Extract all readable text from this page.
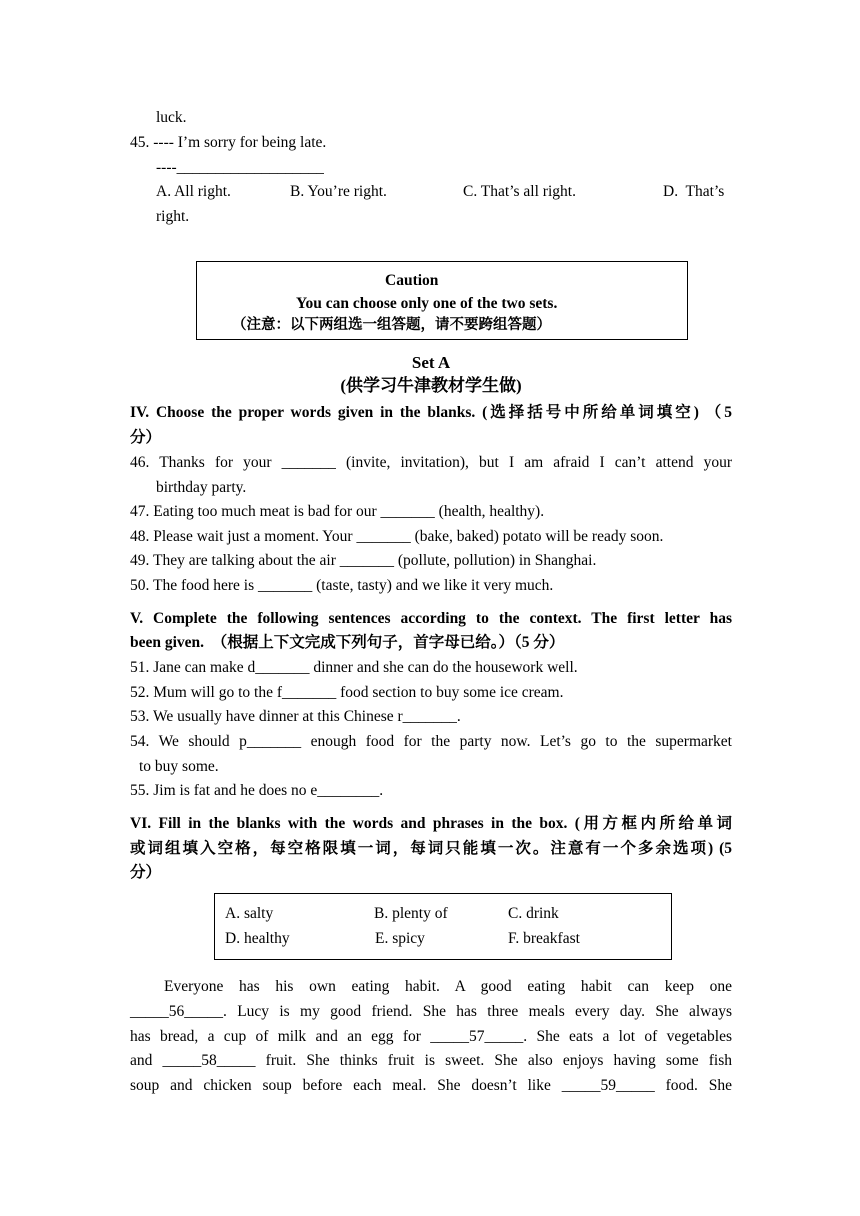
luck.
45. ---- I’m sorry for being late.
----___________________
A. All right.	B. You’re right.	C. That’s all right.	D.  That’s
right.
Caution
You can choose only one of the two sets.
（注意：以下两组选一组答题，请不要跨组答题）
Set A
(供学习牛津教材学生做)
IV. Choose the proper words given in the blanks. (选择括号中所给单词填空) （5
分）
46. Thanks for your _______ (invite, invitation), but I am afraid I can’t attend your
birthday party.
47. Eating too much meat is bad for our _______ (health, healthy).
48. Please wait just a moment. Your _______ (bake, baked) potato will be ready soon.
49. They are talking about the air _______ (pollute, pollution) in Shanghai.
50. The food here is _______ (taste, tasty) and we like it very much.
V. Complete the following sentences according to the context. The first letter has
been given.  （根据上下文完成下列句子，首字母已给。）（5 分）
51. Jane can make d_______ dinner and she can do the housework well.
52. Mum will go to the f_______ food section to buy some ice cream.
53. We usually have dinner at this Chinese r_______.
54. We should p_______ enough food for the party now. Let’s go to the supermarket
to buy some.
55. Jim is fat and he does no e________.
VI. Fill in the blanks with the words and phrases in the box. (用方框内所给单词
或词组填入空格，每空格限填一词，每词只能填一次。注意有一个多余选项) (5
分）
A. salty	B. plenty of	C. drink
D. healthy	E. spicy	F. breakfast
Everyone has his own eating habit. A good eating habit can keep one
_____56_____. Lucy is my good friend. She has three meals every day. She always
has bread, a cup of milk and an egg for _____57_____. She eats a lot of vegetables
and _____58_____ fruit. She thinks fruit is sweet. She also enjoys having some fish
soup and chicken soup before each meal. She doesn’t like _____59_____ food. She
